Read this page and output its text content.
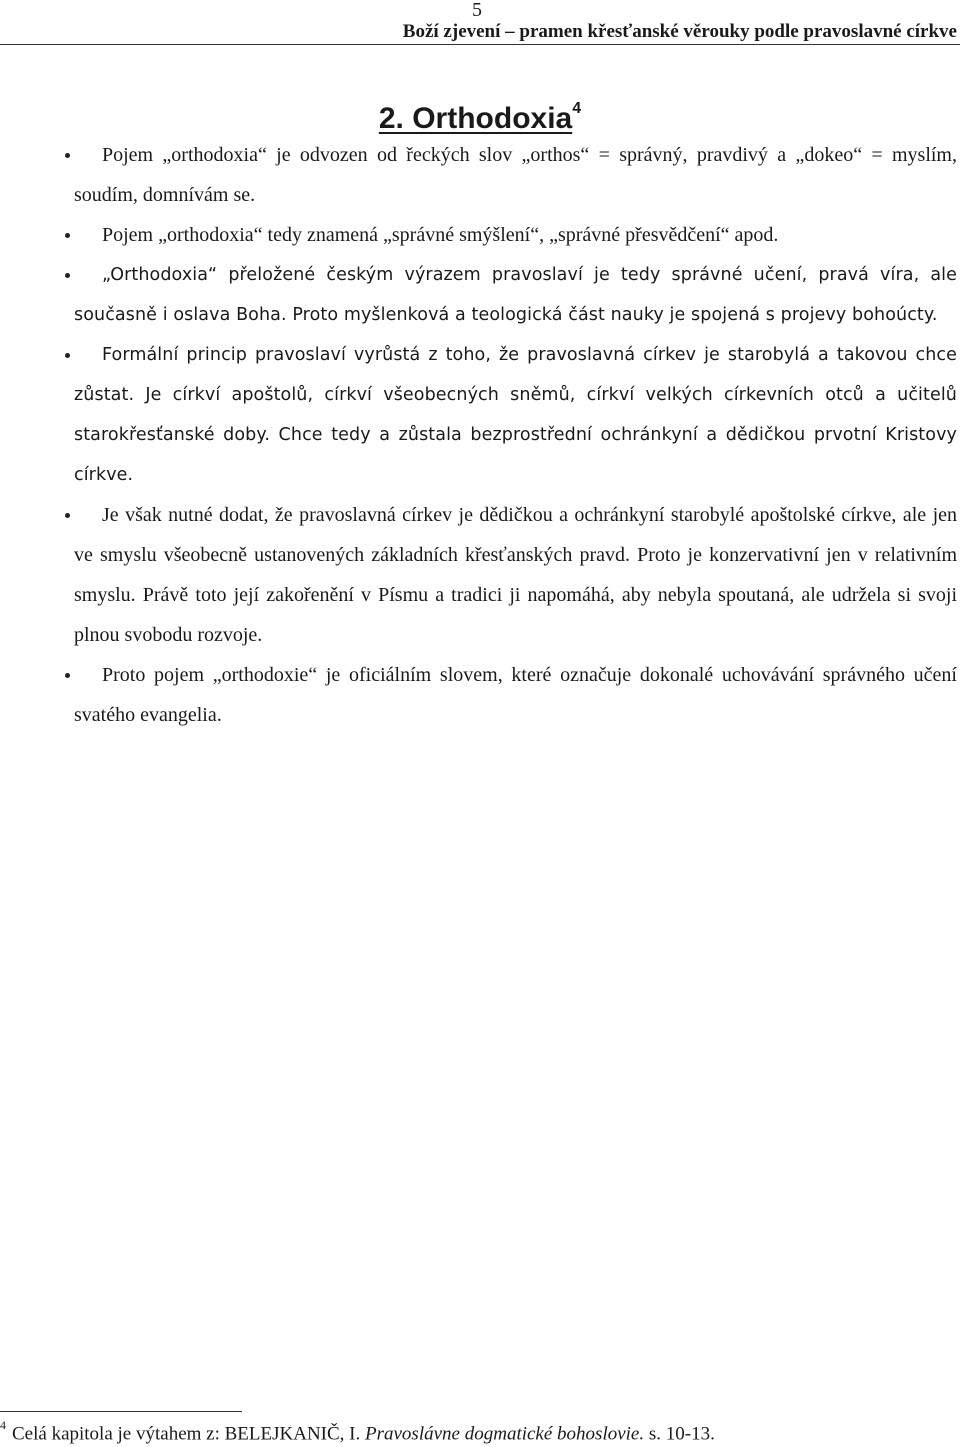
5
Boží zjevení – pramen křesťanské věrouky podle pravoslavné církve
2. Orthodoxia$^4$
Pojem „orthodoxia“ je odvozen od řeckých slov „orthos“ = správný, pravdivý a „dokeo“ = myslím, soudím, domnívám se.
Pojem „orthodoxia“ tedy znamená „správné smýšlení“, „správné přesvědčení“ apod.
„Orthodoxia“ přeložené českým výrazem pravoslaví je tedy správné učení, pravá víra, ale současně i oslava Boha. Proto myšlenková a teologická část nauky je spojená s projevy bohoúcty.
Formální princip pravoslaví vyrůstá z toho, že pravoslavná církev je starobylá a takovou chce zůstat. Je církví apoštolů, církví všeobecných sněmů, církví velkých církevních otců a učitelů starokřesťanské doby. Chce tedy a zůstala bezprostřední ochránkyní a dědičkou prvotní Kristovy církve.
Je však nutné dodat, že pravoslavná církev je dědičkou a ochránkyní starobylé apoštolské církve, ale jen ve smyslu všeobecně ustanovených základních křesťanských pravd. Proto je konzervativní jen v relativním smyslu. Právě toto její zakořenění v Písmu a tradici ji napomáhá, aby nebyla spoutaná, ale udržela si svoji plnou svobodu rozvoje.
Proto pojem „orthodoxie“ je oficiálním slovem, které označuje dokonalé uchovávání správného učení svatého evangelia.
$^4$ Celá kapitola je výtahem z: BELEJKANIČ, I. Pravoslávne dogmatické bohoslovie. s. 10-13.
